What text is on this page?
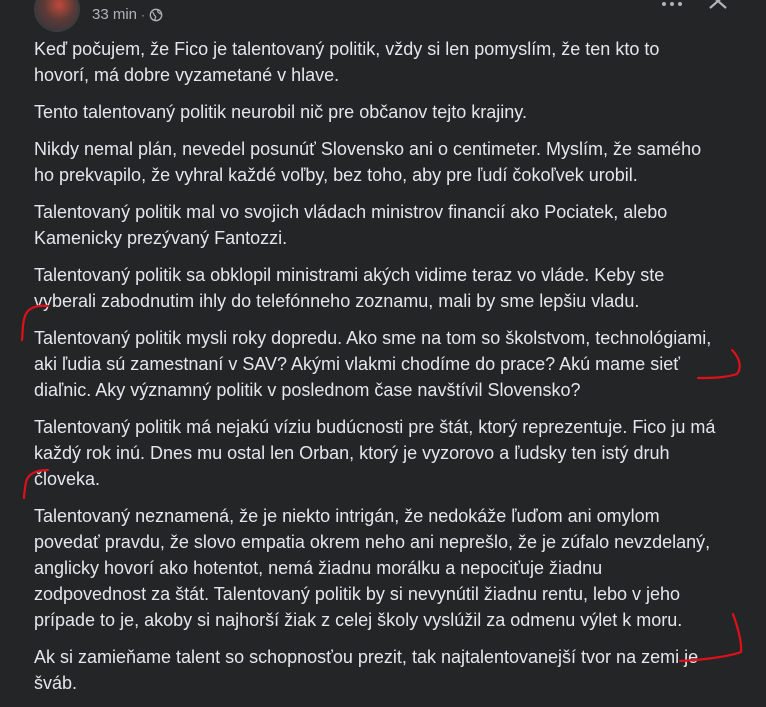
33 min ·

Keď počujem, že Fico je talentovaný politik, vždy si len pomyslím, že ten kto to
hovorí, má dobre vyzametané v hlave.

Tento talentovaný politik neurobil nič pre občanov tejto krajiny.

Nikdy nemal plán, nevedel posunúť Slovensko ani o centimeter. Myslím, že samého
ho prekvapilo, že vyhral každé voľby, bez toho, aby pre ľudí čokoľvek urobil.

Talentovaný politik mal vo svojich vládach ministrov financií ako Pociatek, alebo
Kamenicky prezývaný Fantozzi.

Talentovaný politik sa obklopil ministrami akých vidime teraz vo vláde. Keby ste
vyberali zabodnutim ihly do telefónneho zoznamu, mali by sme lepšiu vladu.

Talentovaný politik mysli roky dopredu. Ako sme na tom so školstvom, technológiami,
aki ľudia sú zamestnaní v SAV? Akými vlakmi chodíme do prace? Akú mame sieť
diaľnic. Aky významný politik v poslednom čase navštívil Slovensko?

Talentovaný politik má nejakú víziu budúcnosti pre štát, ktorý reprezentuje. Fico ju má
každý rok inú. Dnes mu ostal len Orban, ktorý je vyzorovo a ľudsky ten istý druh
človeka.

Talentovaný neznamená, že je niekto intrigán, že nedokáže ľuďom ani omylom
povedať pravdu, že slovo empatia okrem neho ani neprešlo, že je zúfalo nevzdelaný,
anglicky hovorí ako hotentot, nemá žiadnu morálku a nepociťuje žiadnu
zodpovednost za štát. Talentovaný politik by si nevynútil žiadnu rentu, lebo v jeho
prípade to je, akoby si najhorší žiak z celej školy vyslúžil za odmenu výlet k moru.

Ak si zamieňame talent so schopnosťou prezit, tak najtalentovanejší tvor na zemi je
šváb.
